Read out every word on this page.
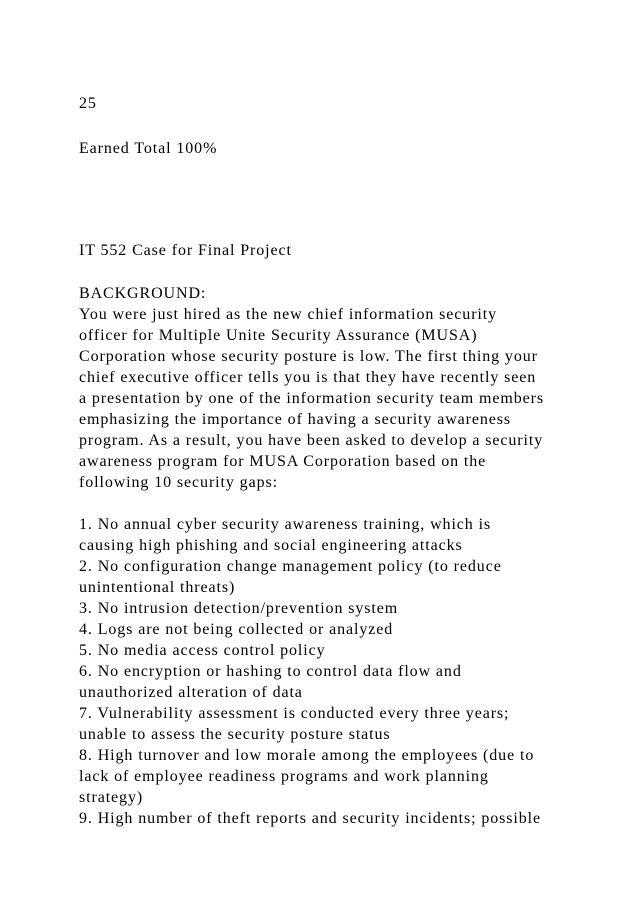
25

Earned Total 100%

IT 552 Case for Final Project

BACKGROUND:

You were just hired as the new chief information security

officer for Multiple Unite Security Assurance (MUSA)

Corporation whose security posture is low. The first thing your

chief executive officer tells you is that they have recently seen

a presentation by one of the information security team members

emphasizing the importance of having a security awareness

program. As a result, you have been asked to develop a security

awareness program for MUSA Corporation based on the

following 10 security gaps:

1. No annual cyber security awareness training, which is

causing high phishing and social engineering attacks

2. No configuration change management policy (to reduce

unintentional threats)

3. No intrusion detection/prevention system

4. Logs are not being collected or analyzed

5. No media access control policy

6. No encryption or hashing to control data flow and

unauthorized alteration of data

7. Vulnerability assessment is conducted every three years;

unable to assess the security posture status

8. High turnover and low morale among the employees (due to

lack of employee readiness programs and work planning

strategy)

9. High number of theft reports and security incidents; possible
